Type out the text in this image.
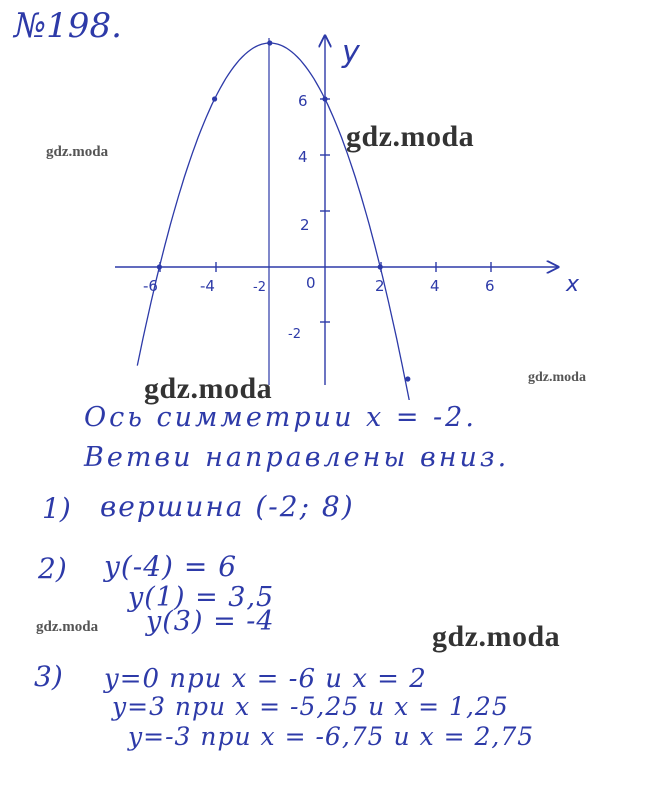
№198.
y
x
0
-6	-4	-2	2	4	6
6
4
2
-2
gdz.moda	gdz.moda
gdz.moda	gdz.moda
gdz.moda	gdz.moda
Ось симметрии x = -2.
Ветви направлены вниз.
1) вершина (-2; 8)
2) y(-4) = 6
y(1) = 3,5
y(3) = -4
3) y=0 при x = -6 и x = 2
y=3 при x = -5,25 и x = 1,25
y=-3 при x = -6,75 и x = 2,75
